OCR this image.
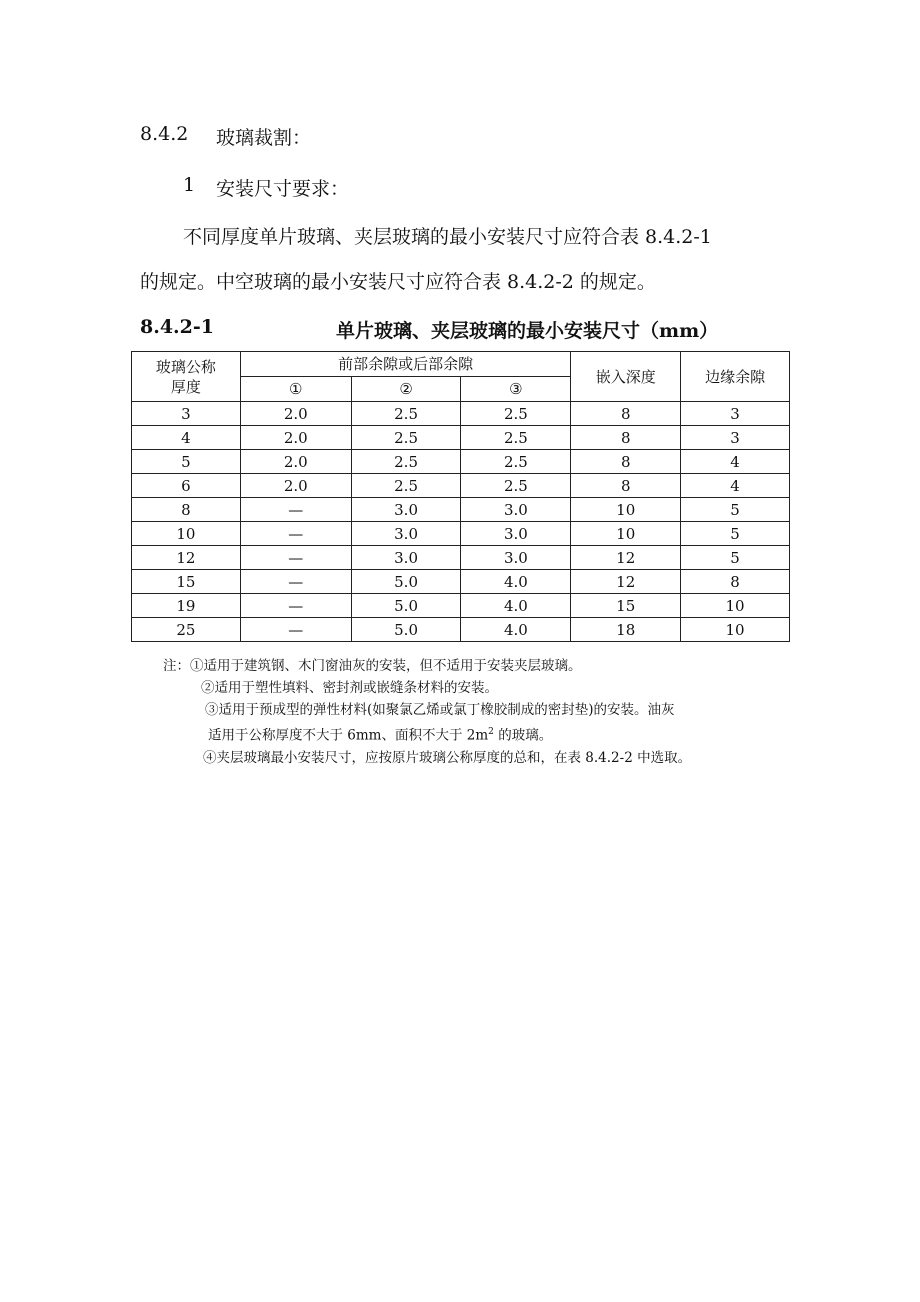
8.4.2 玻璃裁割：
1 安装尺寸要求：
不同厚度单片玻璃、夹层玻璃的最小安装尺寸应符合表 8.4.2-1
的规定。中空玻璃的最小安装尺寸应符合表 8.4.2-2 的规定。
8.4.2-1	单片玻璃、夹层玻璃的最小安装尺寸（mm）
玻璃公称
厚度	前部余隙或后部余隙			嵌入深度	边缘余隙
	①	②	③		
3	2.0	2.5	2.5	8	3
4	2.0	2.5	2.5	8	3
5	2.0	2.5	2.5	8	4
6	2.0	2.5	2.5	8	4
8	—	3.0	3.0	10	5
10	—	3.0	3.0	10	5
12	—	3.0	3.0	12	5
15	—	5.0	4.0	12	8
19	—	5.0	4.0	15	10
25	—	5.0	4.0	18	10
注：①适用于建筑钢、木门窗油灰的安装，但不适用于安装夹层玻璃。
②适用于塑性填料、密封剂或嵌缝条材料的安装。
③适用于预成型的弹性材料(如聚氯乙烯或氯丁橡胶制成的密封垫)的安装。油灰
适用于公称厚度不大于 6mm、面积不大于 $2m^2$ 的玻璃。
④夹层玻璃最小安装尺寸，应按原片玻璃公称厚度的总和，在表 8.4.2-2 中选取。
